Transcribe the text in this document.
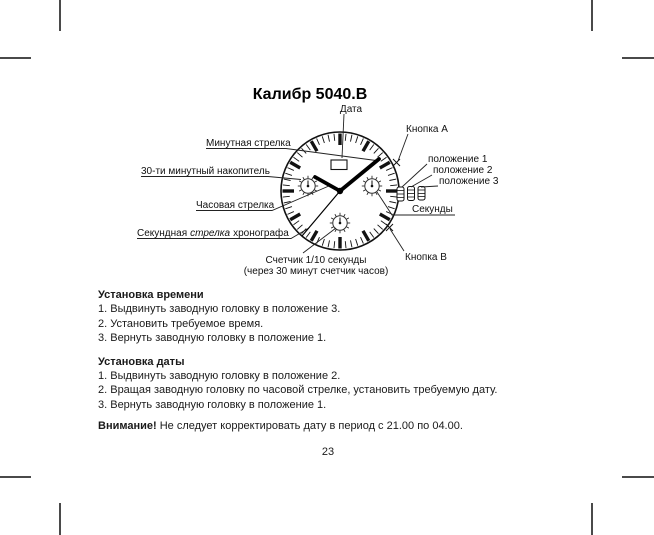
Калибр 5040.B
Дата
Кнопка A
Минутная стрелка
30-ти минутный накопитель
Часовая стрелка
Секундная стрелка хронографа
положение 1
положение 2
положение 3
Секунды
Кнопка B
Счетчик 1/10 секунды
(через 30 минут счетчик часов)
Установка времени
1. Выдвинуть заводную головку в положение 3.
2. Установить требуемое время.
3. Вернуть заводную головку в положение 1.
Установка даты
1. Выдвинуть заводную головку в положение 2.
2. Вращая заводную головку по часовой стрелке, установить требуемую дату.
3. Вернуть заводную головку в положение 1.
Внимание! Не следует корректировать дату в период с 21.00 по 04.00.
23
